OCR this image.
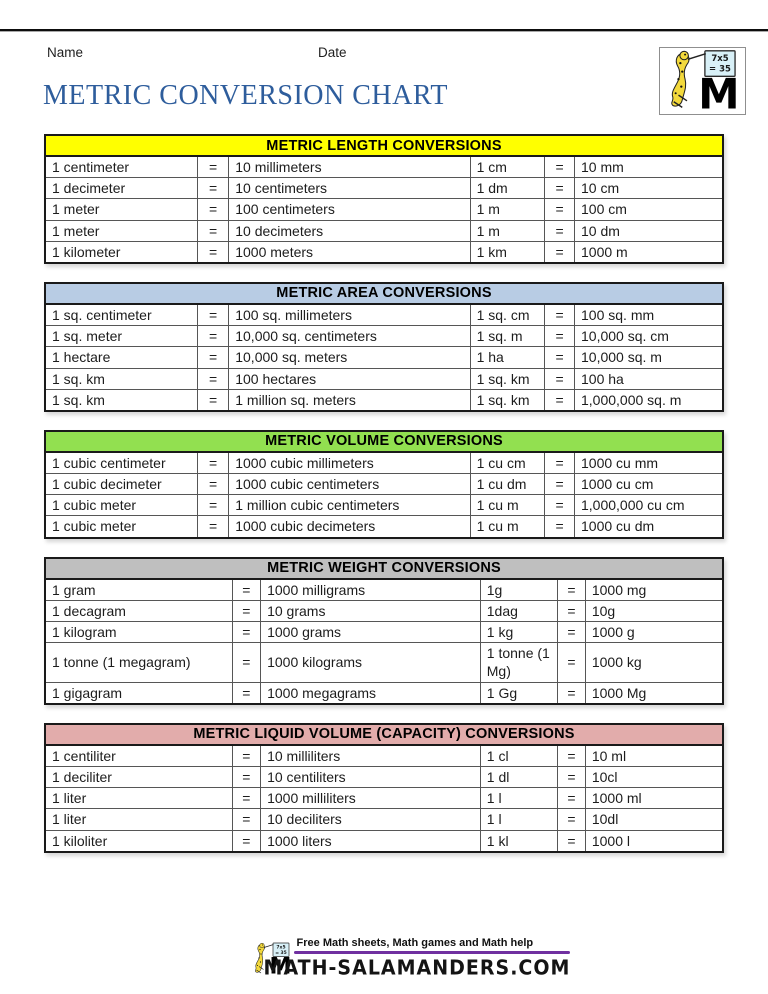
Name	Date
METRIC CONVERSION CHART
METRIC LENGTH CONVERSIONS					
1 centimeter	=	10 millimeters	1 cm	=	10 mm
1 decimeter	=	10 centimeters	1 dm	=	10 cm
1 meter	=	100 centimeters	1 m	=	100 cm
1 meter	=	10 decimeters	1 m	=	10 dm
1 kilometer	=	1000 meters	1 km	=	1000 m
METRIC AREA CONVERSIONS					
1 sq. centimeter	=	100 sq. millimeters	1 sq. cm	=	100 sq. mm
1 sq. meter	=	10,000 sq. centimeters	1 sq. m	=	10,000 sq. cm
1 hectare	=	10,000 sq. meters	1 ha	=	10,000 sq. m
1 sq. km	=	100 hectares	1 sq. km	=	100 ha
1 sq. km	=	1 million sq. meters	1 sq. km	=	1,000,000 sq. m
METRIC VOLUME CONVERSIONS					
1 cubic centimeter	=	1000 cubic millimeters	1 cu cm	=	1000 cu mm
1 cubic decimeter	=	1000 cubic centimeters	1 cu dm	=	1000 cu cm
1 cubic meter	=	1 million cubic centimeters	1 cu m	=	1,000,000 cu cm
1 cubic meter	=	1000 cubic decimeters	1 cu m	=	1000 cu dm
METRIC WEIGHT CONVERSIONS					
1 gram	=	1000 milligrams	1g	=	1000 mg
1 decagram	=	10 grams	1dag	=	10g
1 kilogram	=	1000 grams	1 kg	=	1000 g
1 tonne (1 megagram)	=	1000 kilograms	1 tonne (1 Mg)	=	1000 kg
1 gigagram	=	1000 megagrams	1 Gg	=	1000 Mg
METRIC LIQUID VOLUME (CAPACITY) CONVERSIONS					
1 centiliter	=	10 milliliters	1 cl	=	10 ml
1 deciliter	=	10 centiliters	1 dl	=	10cl
1 liter	=	1000 milliliters	1 l	=	1000 ml
1 liter	=	10 deciliters	1 l	=	10dl
1 kiloliter	=	1000 liters	1 kl	=	1000 l
Free Math sheets, Math games and Math help
MATH-SALAMANDERS.COM
